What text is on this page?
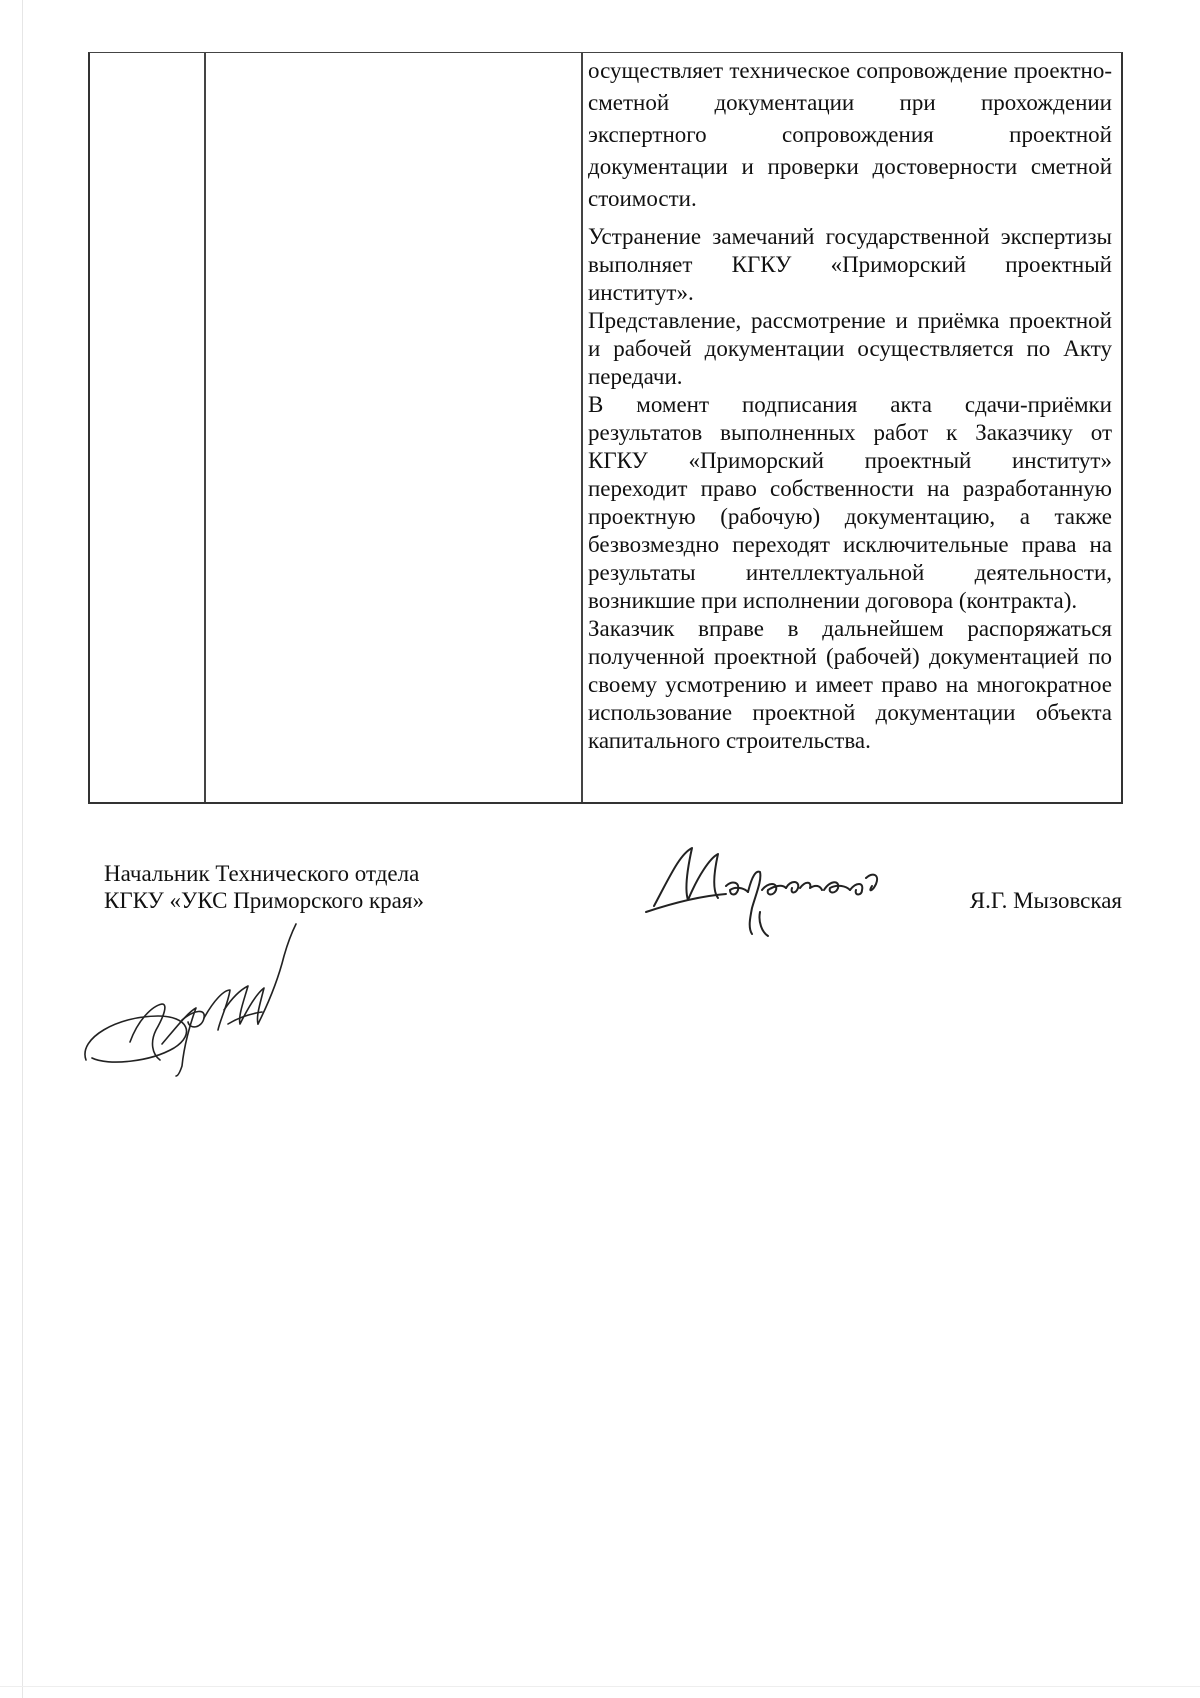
осуществляет техническое сопровождение проектно-сметной документации при прохождении экспертного сопровождения проектной документации и проверки достоверности сметной стоимости.

Устранение замечаний государственной экспертизы выполняет КГКУ «Приморский проектный институт».

Представление, рассмотрение и приёмка проектной и рабочей документации осуществляется по Акту передачи.

В момент подписания акта сдачи-приёмки результатов выполненных работ к Заказчику от КГКУ «Приморский проектный институт» переходит право собственности на разработанную проектную (рабочую) документацию, а также безвозмездно переходят исключительные права на результаты интеллектуальной деятельности, возникшие при исполнении договора (контракта).

Заказчик вправе в дальнейшем распоряжаться полученной проектной (рабочей) документацией по своему усмотрению и имеет право на многократное использование проектной документации объекта капитального строительства.

Начальник Технического отдела
КГКУ «УКС Приморского края»	Я.Г. Мызовская
